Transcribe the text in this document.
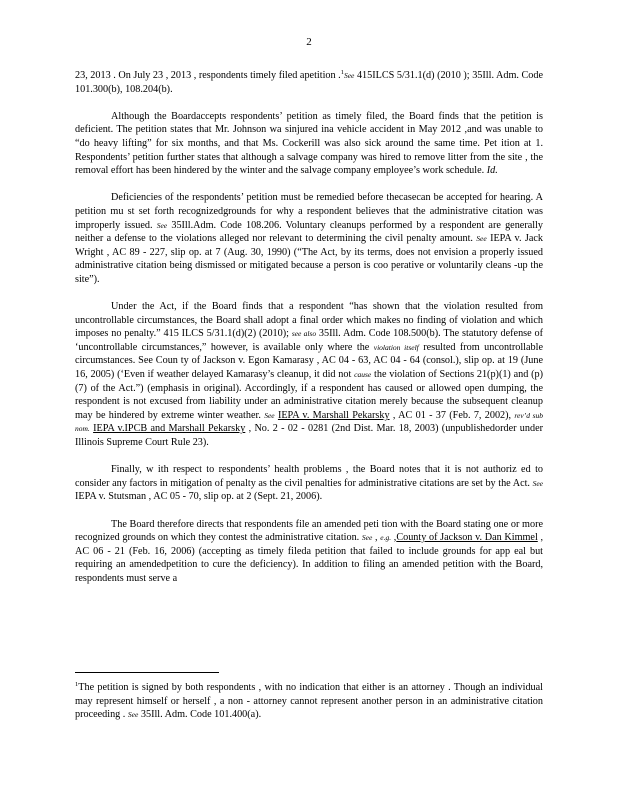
2

23, 2013 . On July 23 , 2013 , respondents timely filed apetition .$^1$See 415ILCS 5/31.1(d) (2010 ); 35Ill. Adm. Code 101.300(b), 108.204(b).

Although the Boardaccepts respondents’ petition as timely filed, the Board finds that the petition is deficient. The petition states that Mr. Johnson wa sinjured ina vehicle accident in May 2012 ,and was unable to “do heavy lifting” for six months, and that Ms. Cockerill was also sick around the same time. Pet ition at 1. Respondents’ petition further states that although a salvage company was hired to remove litter from the site , the removal effort has been hindered by the winter and the salvage company employee’s work schedule. Id.

Deficiencies of the respondents’ petition must be remedied before thecasecan be accepted for hearing. A petition mu st set forth recognizedgrounds for why a respondent believes that the administrative citation was improperly issued. See 35Ill.Adm. Code 108.206. Voluntary cleanups performed by a respondent are generally neither a defense to the violations alleged nor relevant to determining the civil penalty amount. See IEPA v. Jack Wright , AC 89 - 227, slip op. at 7 (Aug. 30, 1990) (“The Act, by its terms, does not envision a properly issued administrative citation being dismissed or mitigated because a person is coo perative or voluntarily cleans -up the site”).

Under the Act, if the Board finds that a respondent “has shown that the violation resulted from uncontrollable circumstances, the Board shall adopt a final order which makes no finding of violation and which imposes no penalty.” 415 ILCS 5/31.1(d)(2) (2010); see also 35Ill. Adm. Code 108.500(b). The statutory defense of ‘uncontrollable circumstances,” however, is available only where the violation itself resulted from uncontrollable circumstances. See Coun ty of Jackson v. Egon Kamarasy , AC 04 - 63, AC 04 - 64 (consol.), slip op. at 19 (June 16, 2005) (‘Even if weather delayed Kamarasy’s cleanup, it did not cause the violation of Sections 21(p)(1) and (p)(7) of the Act.”) (emphasis in original). Accordingly, if a respondent has caused or allowed open dumping, the respondent is not excused from liability under an administrative citation merely because the subsequent cleanup may be hindered by extreme winter weather. See IEPA v. Marshall Pekarsky , AC 01 - 37 (Feb. 7, 2002), rev’d sub nom. IEPA v.IPCB and Marshall Pekarsky , No. 2 - 02 - 0281 (2nd Dist. Mar. 18, 2003) (unpublishedorder under Illinois Supreme Court Rule 23).

Finally, w ith respect to respondents’ health problems , the Board notes that it is not authoriz ed to consider any factors in mitigation of penalty as the civil penalties for administrative citations are set by the Act. See IEPA v. Stutsman , AC 05 - 70, slip op. at 2 (Sept. 21, 2006).

The Board therefore directs that respondents file an amended peti tion with the Board stating one or more recognized grounds on which they contest the administrative citation. See , e.g. ,County of Jackson v. Dan Kimmel , AC 06 - 21 (Feb. 16, 2006) (accepting as timely fileda petition that failed to include grounds for app eal but requiring an amendedpetition to cure the deficiency). In addition to filing an amended petition with the Board, respondents must serve a

$^1$The petition is signed by both respondents , with no indication that either is an attorney . Though an individual may represent himself or herself , a non - attorney cannot represent another person in an administrative citation proceeding . See 35Ill. Adm. Code 101.400(a).
